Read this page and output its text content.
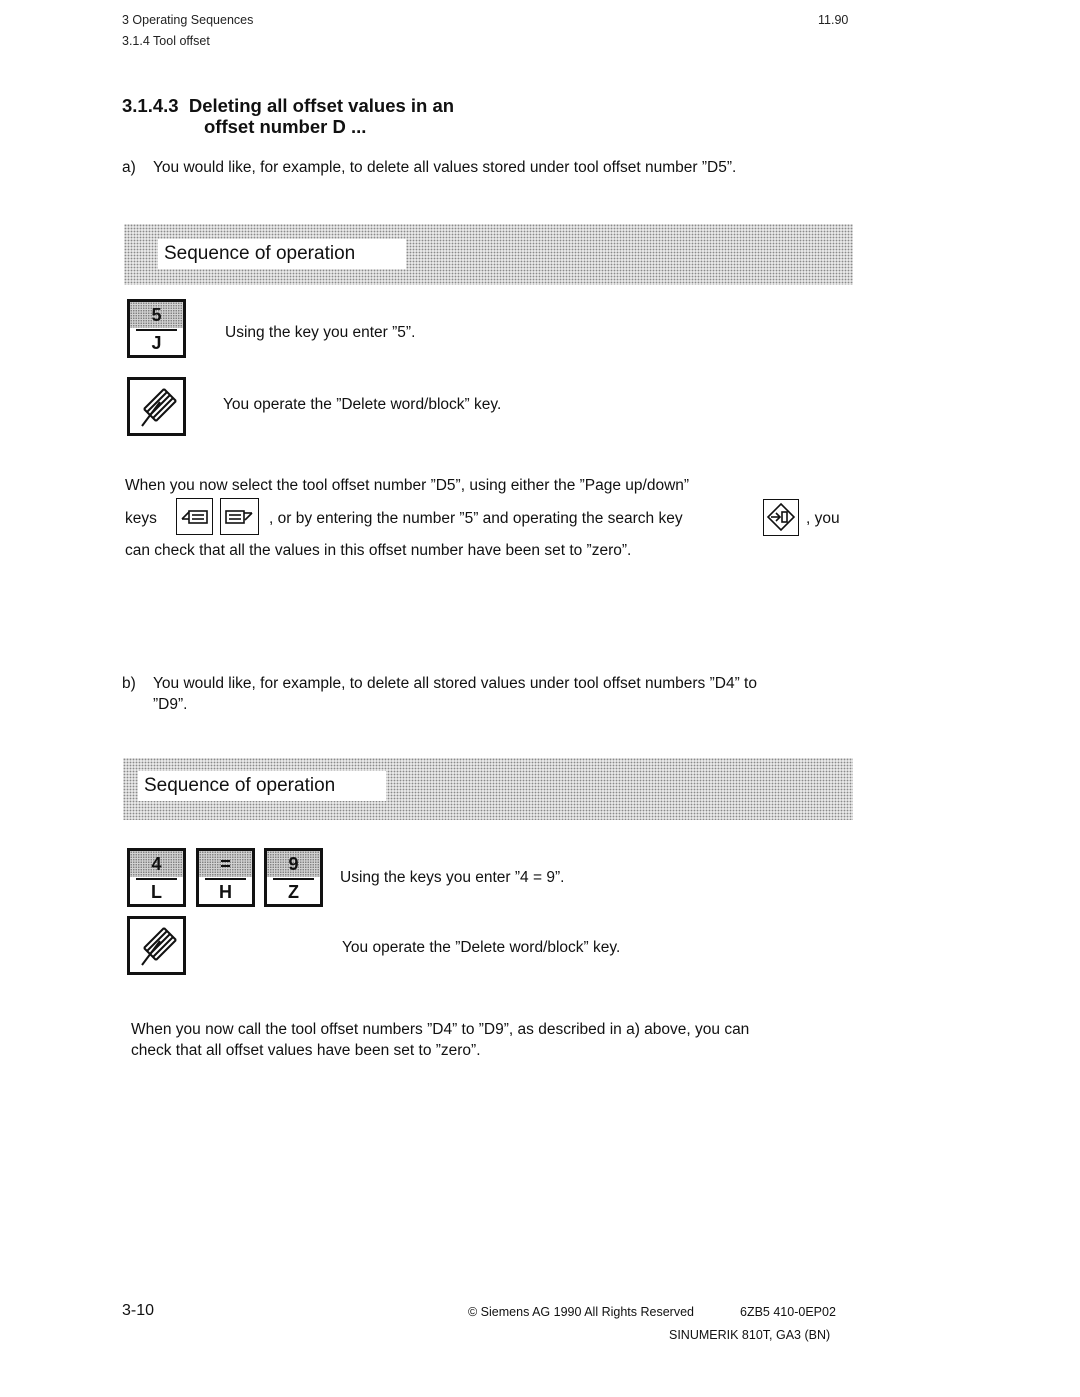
3 Operating Sequences
3.1.4 Tool offset
11.90
3.1.4.3  Deleting all offset values in an
offset number D ...
a) You would like, for example, to delete all values stored under tool offset number ”D5”.
Sequence of operation
5
J
Using the key you enter ”5”.
You operate the ”Delete word/block” key.
When you now select the tool offset number ”D5”, using either the ”Page up/down”
keys	, or by entering the number ”5” and operating the search key	, you
can check that all the values in this offset number have been set to ”zero”.
b) You would like, for example, to delete all stored values under tool offset numbers ”D4” to
”D9”.
Sequence of operation
4
L
=
H
9
Z
Using the keys you enter ”4 = 9”.
You operate the ”Delete word/block” key.
When you now call the tool offset numbers ”D4” to ”D9”, as described in a) above, you can
check that all offset values have been set to ”zero”.
3-10	© Siemens AG 1990 All Rights Reserved	6ZB5 410-0EP02
SINUMERIK 810T, GA3 (BN)
